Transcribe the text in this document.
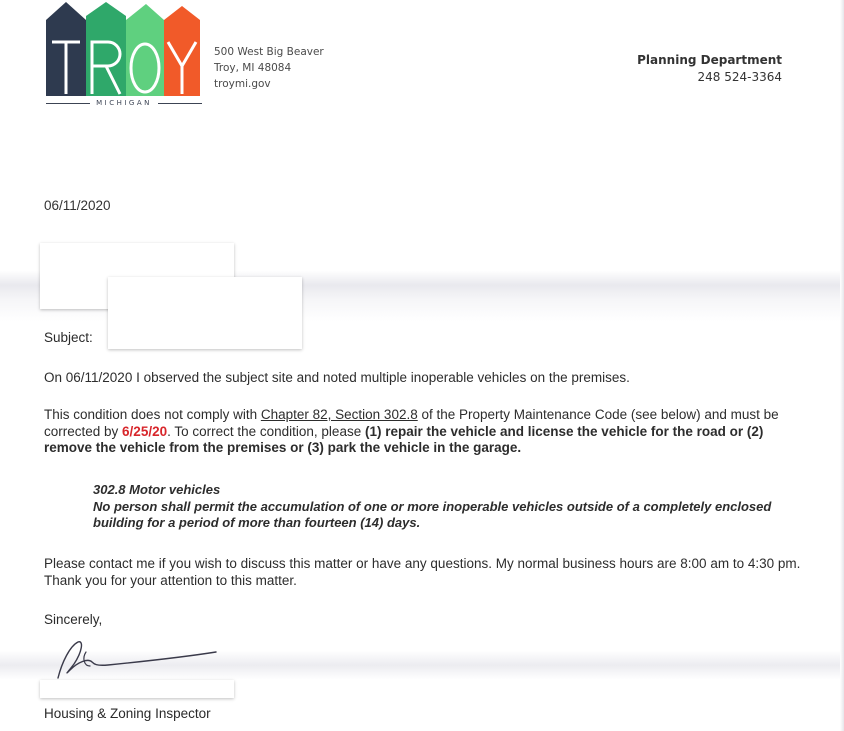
MICHIGAN
500 West Big Beaver
Troy, MI 48084
troymi.gov
Planning Department
248 524-3364
06/11/2020
Subject:
On 06/11/2020 I observed the subject site and noted multiple inoperable vehicles on the premises.
This condition does not comply with Chapter 82, Section 302.8 of the Property Maintenance Code (see below) and must be corrected by 6/25/20. To correct the condition, please (1) repair the vehicle and license the vehicle for the road or (2) remove the vehicle from the premises or (3) park the vehicle in the garage.
302.8 Motor vehicles
No person shall permit the accumulation of one or more inoperable vehicles outside of a completely enclosed building for a period of more than fourteen (14) days.
Please contact me if you wish to discuss this matter or have any questions. My normal business hours are 8:00 am to 4:30 pm. Thank you for your attention to this matter.
Sincerely,
Housing & Zoning Inspector
